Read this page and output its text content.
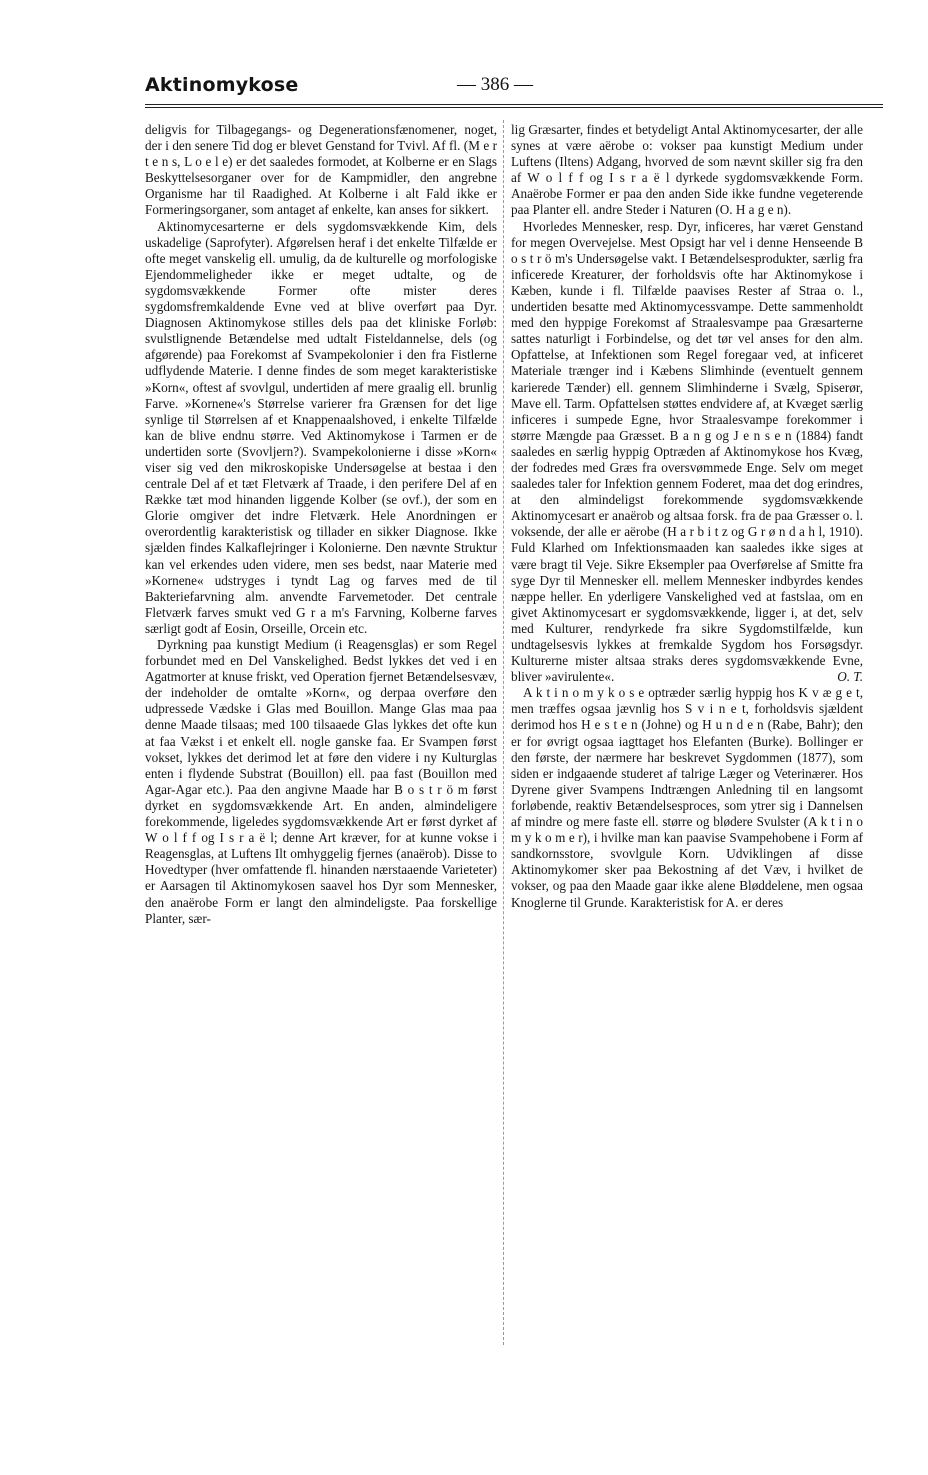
Aktinomykose	— 386 —

deligvis for Tilbagegangs- og Degenerationsfænomener, noget, der i den senere Tid dog er blevet Genstand for Tvivl. Af fl. (M e r t e n s, L o e l e) er det saaledes formodet, at Kolberne er en Slags Beskyttelsesorganer over for de Kampmidler, den angrebne Organisme har til Raadighed. At Kolberne i alt Fald ikke er Formeringsorganer, som antaget af enkelte, kan anses for sikkert.

Aktinomycesarterne er dels sygdomsvækkende Kim, dels uskadelige (Saprofyter). Afgørelsen heraf i det enkelte Tilfælde er ofte meget vanskelig ell. umulig, da de kulturelle og morfologiske Ejendommeligheder ikke er meget udtalte, og de sygdomsvækkende Former ofte mister deres sygdomsfremkaldende Evne ved at blive overført paa Dyr. Diagnosen Aktinomykose stilles dels paa det kliniske Forløb: svulstlignende Betændelse med udtalt Fisteldannelse, dels (og afgørende) paa Forekomst af Svampekolonier i den fra Fistlerne udflydende Materie. I denne findes de som meget karakteristiske »Korn«, oftest af svovlgul, undertiden af mere graalig ell. brunlig Farve. »Kornene«'s Størrelse varierer fra Grænsen for det lige synlige til Størrelsen af et Knappenaalshoved, i enkelte Tilfælde kan de blive endnu større. Ved Aktinomykose i Tarmen er de undertiden sorte (Svovljern?). Svampekolonierne i disse »Korn« viser sig ved den mikroskopiske Undersøgelse at bestaa i den centrale Del af et tæt Fletværk af Traade, i den perifere Del af en Række tæt mod hinanden liggende Kolber (se ovf.), der som en Glorie omgiver det indre Fletværk. Hele Anordningen er overordentlig karakteristisk og tillader en sikker Diagnose. Ikke sjælden findes Kalkaflejringer i Kolonierne. Den nævnte Struktur kan vel erkendes uden videre, men ses bedst, naar Materie med »Kornene« udstryges i tyndt Lag og farves med de til Bakteriefarvning alm. anvendte Farvemetoder. Det centrale Fletværk farves smukt ved G r a m's Farvning, Kolberne farves særligt godt af Eosin, Orseille, Orcein etc.

Dyrkning paa kunstigt Medium (i Reagensglas) er som Regel forbundet med en Del Vanskelighed. Bedst lykkes det ved i en Agatmorter at knuse friskt, ved Operation fjernet Betændelsesvæv, der indeholder de omtalte »Korn«, og derpaa overføre den udpressede Vædske i Glas med Bouillon. Mange Glas maa paa denne Maade tilsaas; med 100 tilsaaede Glas lykkes det ofte kun at faa Vækst i et enkelt ell. nogle ganske faa. Er Svampen først vokset, lykkes det derimod let at føre den videre i ny Kulturglas enten i flydende Substrat (Bouillon) ell. paa fast (Bouillon med Agar-Agar etc.). Paa den angivne Maade har B o s t r ö m først dyrket en sygdomsvækkende Art. En anden, almindeligere forekommende, ligeledes sygdomsvækkende Art er først dyrket af W o l f f og I s r a ë l; denne Art kræver, for at kunne vokse i Reagensglas, at Luftens Ilt omhyggelig fjernes (anaërob). Disse to Hovedtyper (hver omfattende fl. hinanden nærstaaende Varieteter) er Aarsagen til Aktinomykosen saavel hos Dyr som Mennesker, den anaërobe Form er langt den almindeligste. Paa forskellige Planter, sær-

lig Græsarter, findes et betydeligt Antal Aktinomycesarter, der alle synes at være aërobe o: vokser paa kunstigt Medium under Luftens (Iltens) Adgang, hvorved de som nævnt skiller sig fra den af W o l f f og I s r a ë l dyrkede sygdomsvækkende Form. Anaërobe Former er paa den anden Side ikke fundne vegeterende paa Planter ell. andre Steder i Naturen (O. H a g e n).

Hvorledes Mennesker, resp. Dyr, inficeres, har været Genstand for megen Overvejelse. Mest Opsigt har vel i denne Henseende B o s t r ö m's Undersøgelse vakt. I Betændelsesprodukter, særlig fra inficerede Kreaturer, der forholdsvis ofte har Aktinomykose i Kæben, kunde i fl. Tilfælde paavises Rester af Straa o. l., undertiden besatte med Aktinomycessvampe. Dette sammenholdt med den hyppige Forekomst af Straalesvampe paa Græsarterne sattes naturligt i Forbindelse, og det tør vel anses for den alm. Opfattelse, at Infektionen som Regel foregaar ved, at inficeret Materiale trænger ind i Kæbens Slimhinde (eventuelt gennem karierede Tænder) ell. gennem Slimhinderne i Svælg, Spiserør, Mave ell. Tarm. Opfattelsen støttes endvidere af, at Kvæget særlig inficeres i sumpede Egne, hvor Straalesvampe forekommer i større Mængde paa Græsset. B a n g og J e n s e n (1884) fandt saaledes en særlig hyppig Optræden af Aktinomykose hos Kvæg, der fodredes med Græs fra oversvømmede Enge. Selv om meget saaledes taler for Infektion gennem Foderet, maa det dog erindres, at den almindeligst forekommende sygdomsvækkende Aktinomycesart er anaërob og altsaa forsk. fra de paa Græsser o. l. voksende, der alle er aërobe (H a r b i t z og G r ø n d a h l, 1910). Fuld Klarhed om Infektionsmaaden kan saaledes ikke siges at være bragt til Veje. Sikre Eksempler paa Overførelse af Smitte fra syge Dyr til Mennesker ell. mellem Mennesker indbyrdes kendes næppe heller. En yderligere Vanskelighed ved at fastslaa, om en givet Aktinomycesart er sygdomsvækkende, ligger i, at det, selv med Kulturer, rendyrkede fra sikre Sygdomstilfælde, kun undtagelsesvis lykkes at fremkalde Sygdom hos Forsøgsdyr. Kulturerne mister altsaa straks deres sygdomsvækkende Evne, bliver »avirulente«.	O. T.

A k t i n o m y k o s e optræder særlig hyppig hos K v æ g e t, men træffes ogsaa jævnlig hos S v i n e t, forholdsvis sjældent derimod hos H e s t e n (Johne) og H u n d e n (Rabe, Bahr); den er for øvrigt ogsaa iagttaget hos Elefanten (Burke). Bollinger er den første, der nærmere har beskrevet Sygdommen (1877), som siden er indgaaende studeret af talrige Læger og Veterinærer. Hos Dyrene giver Svampens Indtrængen Anledning til en langsomt forløbende, reaktiv Betændelsesproces, som ytrer sig i Dannelsen af mindre og mere faste ell. større og blødere Svulster (A k t i n o m y k o m e r), i hvilke man kan paavise Svampehobene i Form af sandkornsstore, svovlgule Korn. Udviklingen af disse Aktinomykomer sker paa Bekostning af det Væv, i hvilket de vokser, og paa den Maade gaar ikke alene Bløddelene, men ogsaa Knoglerne til Grunde. Karakteristisk for A. er deres
